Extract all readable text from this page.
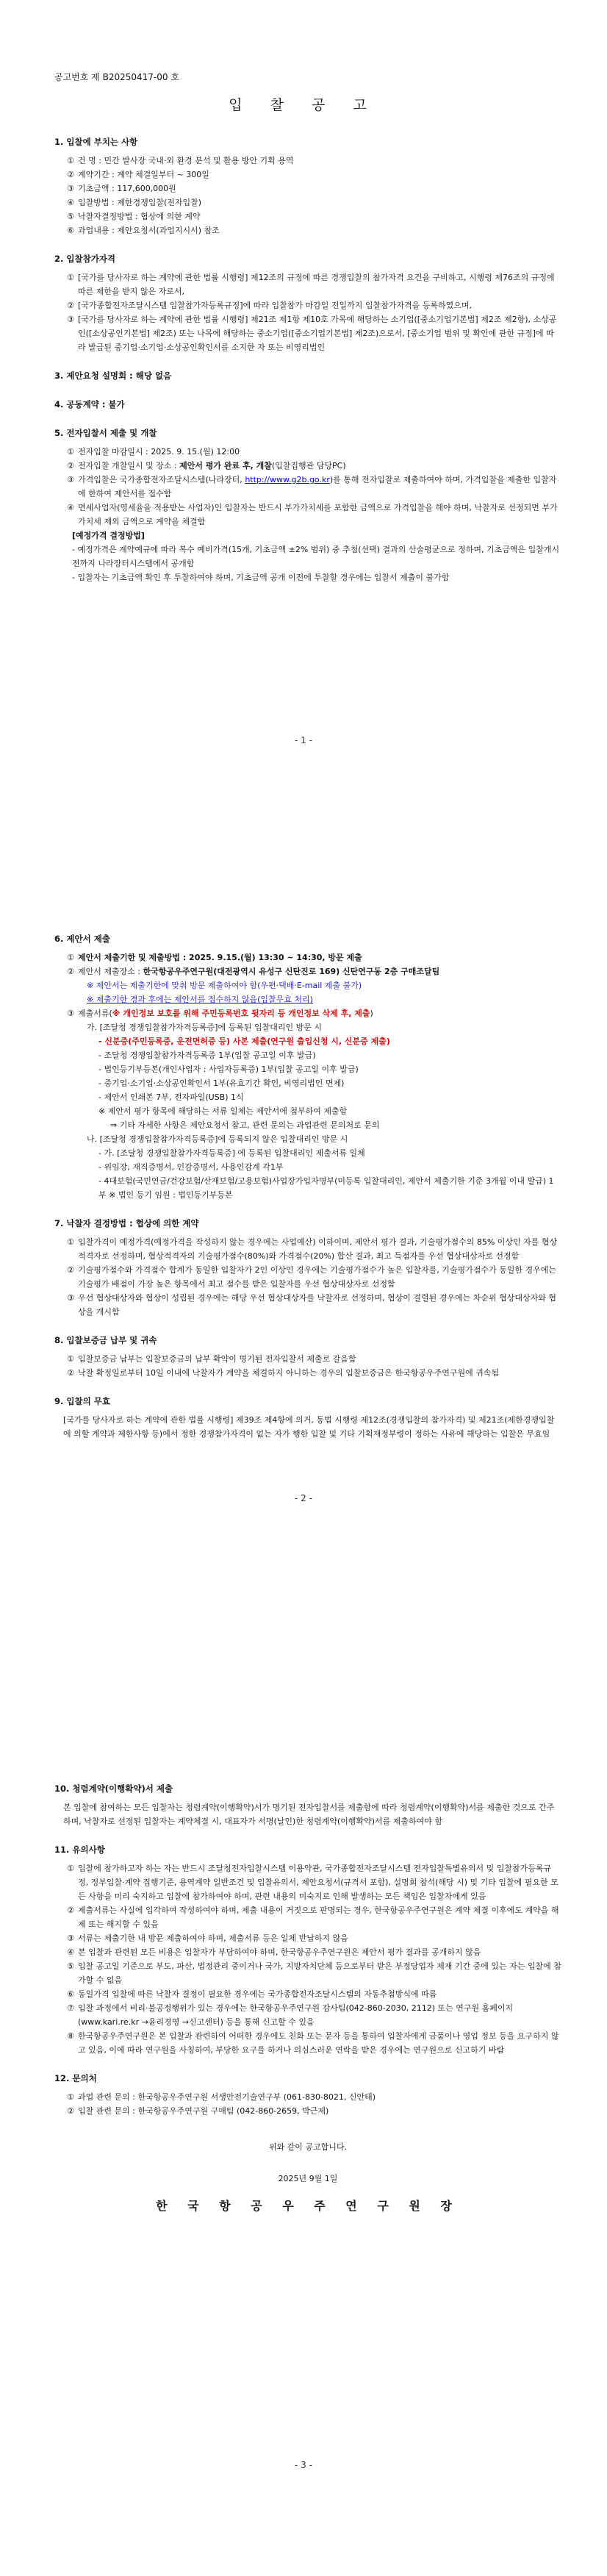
공고번호 제 B20250417-00 호
입 찰 공 고
1. 입찰에 부치는 사항
① 건 명 : 민간 발사장 국내·외 환경 분석 및 활용 방안 기획 용역
② 계약기간 : 계약 체결일부터 ~ 300일
③ 기초금액 : 117,600,000원
④ 입찰방법 : 제한경쟁입찰(전자입찰)
⑤ 낙찰자결정방법 : 협상에 의한 계약
⑥ 과업내용 : 제안요청서(과업지시서) 참조
2. 입찰참가자격
① [국가를 당사자로 하는 계약에 관한 법률 시행령] 제12조의 규정에 따른 경쟁입찰의 참가자격 요건을 구비하고, 시행령 제76조의 규정에 따른 제한을 받지 않은 자로서,
② [국가종합전자조달시스템 입찰참가자등록규정]에 따라 입찰참가 마감일 전일까지 입찰참가자격을 등록하였으며,
③ [국가를 당사자로 하는 계약에 관한 법률 시행령] 제21조 제1항 제10호 가목에 해당하는 소기업([중소기업기본법] 제2조 제2항), 소상공인([소상공인기본법] 제2조) 또는 나목에 해당하는 중소기업([중소기업기본법] 제2조)으로서, [중소기업 범위 및 확인에 관한 규정]에 따라 발급된 중기업·소기업·소상공인확인서를 소지한 자 또는 비영리법인
3. 제안요청 설명회 : 해당 없음
4. 공동계약 : 불가
5. 전자입찰서 제출 및 개찰
① 전자입찰 마감일시 : 2025. 9. 15.(월) 12:00
② 전자입찰 개찰일시 및 장소 : 제안서 평가 완료 후, 개찰(입찰집행관 담당PC)
③ 가격입찰은 국가종합전자조달시스템(나라장터, http://www.g2b.go.kr)를 통해 전자입찰로 제출하여야 하며, 가격입찰을 제출한 입찰자에 한하여 제안서를 접수함
④ 면세사업자(영세율을 적용받는 사업자)인 입찰자는 반드시 부가가치세를 포함한 금액으로 가격입찰을 해야 하며, 낙찰자로 선정되면 부가가치세 제외 금액으로 계약을 체결함
[예정가격 결정방법]
- 예정가격은 계약예규에 따라 복수 예비가격(15개, 기초금액 ±2% 범위) 중 추첨(선택) 결과의 산술평균으로 정하며, 기초금액은 입찰개시 전까지 나라장터시스템에서 공개함
- 입찰자는 기초금액 확인 후 투찰하여야 하며, 기초금액 공개 이전에 투찰할 경우에는 입찰서 제출이 불가함
- 1 -
6. 제안서 제출
① 제안서 제출기한 및 제출방법 : 2025. 9.15.(월) 13:30 ~ 14:30, 방문 제출
② 제안서 제출장소 : 한국항공우주연구원(대전광역시 유성구 신탄진로 169) 신탄연구동 2층 구매조달팀
※ 제안서는 제출기한에 맞춰 방문 제출하여야 함(우편·택배·E-mail 제출 불가)
※ 제출기한 경과 후에는 제안서를 접수하지 않음(입찰무효 처리)
③ 제출서류(※ 개인정보 보호를 위해 주민등록번호 뒷자리 등 개인정보 삭제 후, 제출)
가. [조달청 경쟁입찰참가자격등록증]에 등록된 입찰대리인 방문 시
- 신분증(주민등록증, 운전면허증 등) 사본 제출(연구원 출입신청 시, 신분증 제출)
- 조달청 경쟁입찰참가자격등록증 1부(입찰 공고일 이후 발급)
- 법인등기부등본(개인사업자 : 사업자등록증) 1부(입찰 공고일 이후 발급)
- 중기업·소기업·소상공인확인서 1부(유효기간 확인, 비영리법인 면제)
- 제안서 인쇄본 7부, 전자파일(USB) 1식
※ 제안서 평가 항목에 해당하는 서류 일체는 제안서에 첨부하여 제출함
⇒ 기타 자세한 사항은 제안요청서 참고, 관련 문의는 과업관련 문의처로 문의
나. [조달청 경쟁입찰참가자격등록증]에 등록되지 않은 입찰대리인 방문 시
- 가. [조달청 경쟁입찰참가자격등록증] 에 등록된 입찰대리인 제출서류 일체
- 위임장, 재직증명서, 인감증명서, 사용인감계 각1부
- 4대보험(국민연금/건강보험/산재보험/고용보험)사업장가입자명부(미등록 입찰대리인, 제안서 제출기한 기준 3개월 이내 발급) 1부 ※ 법인 등기 임원 : 법인등기부등본
7. 낙찰자 결정방법 : 협상에 의한 계약
① 입찰가격이 예정가격(예정가격을 작성하지 않는 경우에는 사업예산) 이하이며, 제안서 평가 결과, 기술평가점수의 85% 이상인 자를 협상적격자로 선정하며, 협상적격자의 기술평가점수(80%)와 가격점수(20%) 합산 결과, 최고 득점자를 우선 협상대상자로 선정함
② 기술평가점수와 가격점수 합계가 동일한 입찰자가 2인 이상인 경우에는 기술평가점수가 높은 입찰자를, 기술평가점수가 동일한 경우에는 기술평가 배점이 가장 높은 항목에서 최고 점수를 받은 입찰자를 우선 협상대상자로 선정함
③ 우선 협상대상자와 협상이 성립된 경우에는 해당 우선 협상대상자를 낙찰자로 선정하며, 협상이 결렬된 경우에는 차순위 협상대상자와 협상을 개시함
8. 입찰보증금 납부 및 귀속
① 입찰보증금 납부는 입찰보증금의 납부 확약이 명기된 전자입찰서 제출로 갈음함
② 낙찰 확정일로부터 10일 이내에 낙찰자가 계약을 체결하지 아니하는 경우의 입찰보증금은 한국항공우주연구원에 귀속됨
9. 입찰의 무효
[국가를 당사자로 하는 계약에 관한 법률 시행령] 제39조 제4항에 의거, 동법 시행령 제12조(경쟁입찰의 참가자격) 및 제21조(제한경쟁입찰에 의할 계약과 제한사항 등)에서 정한 경쟁참가자격이 없는 자가 행한 입찰 및 기타 기획재정부령이 정하는 사유에 해당하는 입찰은 무효임
- 2 -
10. 청렴계약(이행확약)서 제출
본 입찰에 참여하는 모든 입찰자는 청렴계약(이행확약)서가 명기된 전자입찰서를 제출함에 따라 청렴계약(이행확약)서를 제출한 것으로 간주하며, 낙찰자로 선정된 입찰자는 계약체결 시, 대표자가 서명(날인)한 청렴계약(이행확약)서를 제출하여야 함
11. 유의사항
① 입찰에 참가하고자 하는 자는 반드시 조달청전자입찰시스템 이용약관, 국가종합전자조달시스템 전자입찰특별유의서 및 입찰참가등록규정, 정부입찰·계약 집행기준, 용역계약 일반조건 및 입찰유의서, 제안요청서(규격서 포함), 설명회 참석(해당 시) 및 기타 입찰에 필요한 모든 사항을 미리 숙지하고 입찰에 참가하여야 하며, 관련 내용의 미숙지로 인해 발생하는 모든 책임은 입찰자에게 있음
② 제출서류는 사실에 입각하여 작성하여야 하며, 제출 내용이 거짓으로 판명되는 경우, 한국항공우주연구원은 계약 체결 이후에도 계약을 해제 또는 해지할 수 있음
③ 서류는 제출기한 내 방문 제출하여야 하며, 제출서류 등은 일체 반납하지 않음
④ 본 입찰과 관련된 모든 비용은 입찰자가 부담하여야 하며, 한국항공우주연구원은 제안서 평가 결과를 공개하지 않음
⑤ 입찰 공고일 기준으로 부도, 파산, 법정관리 중이거나 국가, 지방자치단체 등으로부터 받은 부정당업자 제재 기간 중에 있는 자는 입찰에 참가할 수 없음
⑥ 동일가격 입찰에 따른 낙찰자 결정이 필요한 경우에는 국가종합전자조달시스템의 자동추첨방식에 따름
⑦ 입찰 과정에서 비리·불공정행위가 있는 경우에는 한국항공우주연구원 감사팀(042-860-2030, 2112) 또는 연구원 홈페이지(www.kari.re.kr →윤리경영 →신고센터) 등을 통해 신고할 수 있음
⑧ 한국항공우주연구원은 본 입찰과 관련하여 어떠한 경우에도 친화 또는 문자 등을 통하여 입찰자에게 금품이나 영업 정보 등을 요구하지 않고 있음, 이에 따라 연구원을 사칭하여, 부당한 요구를 하거나 의심스러운 연락을 받은 경우에는 연구원으로 신고하기 바람
12. 문의처
① 과업 관련 문의 : 한국항공우주연구원 서생안전기술연구부 (061-830-8021, 신안태)
② 입찰 관련 문의 : 한국항공우주연구원 구매팀 (042-860-2659, 박근제)
위와 같이 공고합니다.
2025년 9월 1일
한 국 항 공 우 주 연 구 원 장
- 3 -
